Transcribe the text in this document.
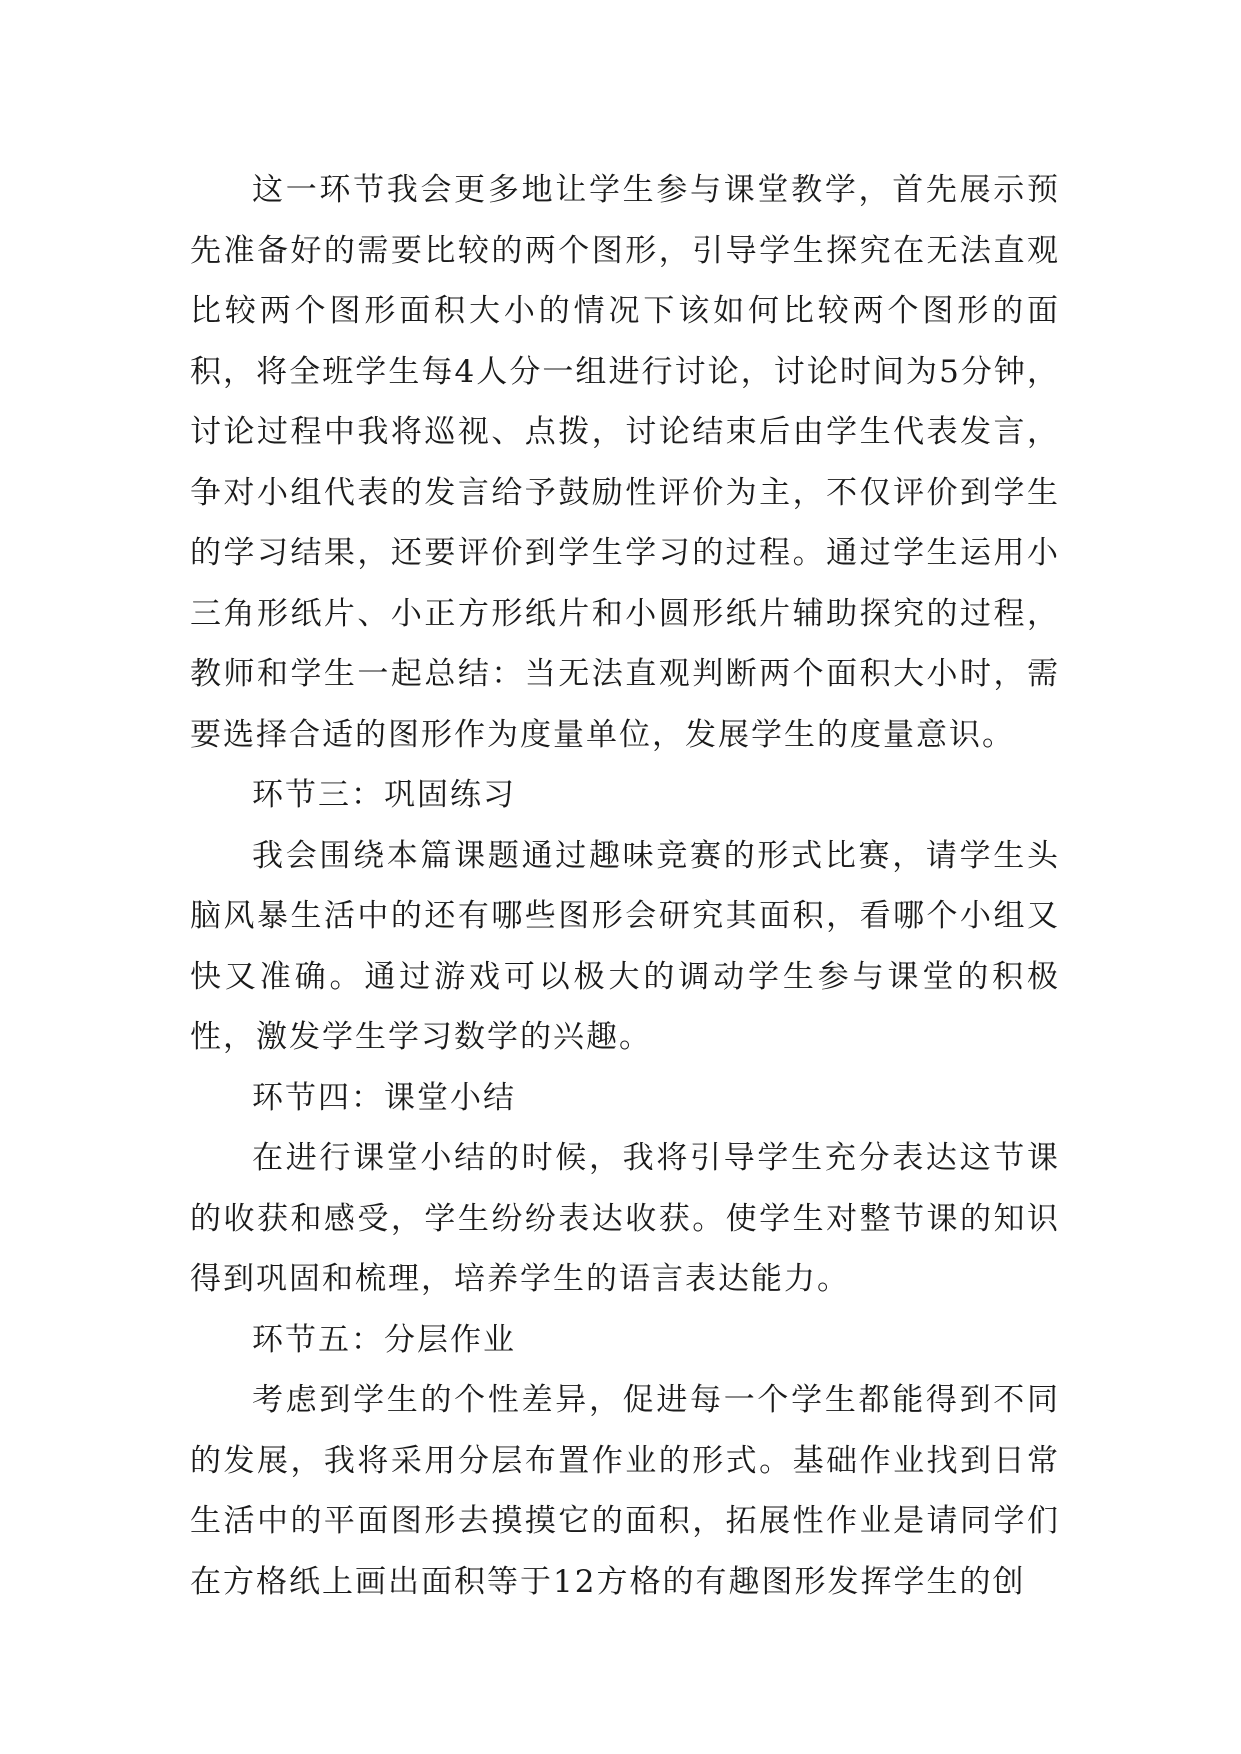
这一环节我会更多地让学生参与课堂教学，首先展示预先准备好的需要比较的两个图形，引导学生探究在无法直观比较两个图形面积大小的情况下该如何比较两个图形的面积，将全班学生每4人分一组进行讨论，讨论时间为5分钟，讨论过程中我将巡视、点拨，讨论结束后由学生代表发言，争对小组代表的发言给予鼓励性评价为主，不仅评价到学生的学习结果，还要评价到学生学习的过程。通过学生运用小三角形纸片、小正方形纸片和小圆形纸片辅助探究的过程，教师和学生一起总结：当无法直观判断两个面积大小时，需要选择合适的图形作为度量单位，发展学生的度量意识。

环节三：巩固练习

我会围绕本篇课题通过趣味竞赛的形式比赛，请学生头脑风暴生活中的还有哪些图形会研究其面积，看哪个小组又快又准确。通过游戏可以极大的调动学生参与课堂的积极性，激发学生学习数学的兴趣。

环节四：课堂小结

在进行课堂小结的时候，我将引导学生充分表达这节课的收获和感受，学生纷纷表达收获。使学生对整节课的知识得到巩固和梳理，培养学生的语言表达能力。

环节五：分层作业

考虑到学生的个性差异，促进每一个学生都能得到不同的发展，我将采用分层布置作业的形式。基础作业找到日常生活中的平面图形去摸摸它的面积，拓展性作业是请同学们在方格纸上画出面积等于12方格的有趣图形发挥学生的创
